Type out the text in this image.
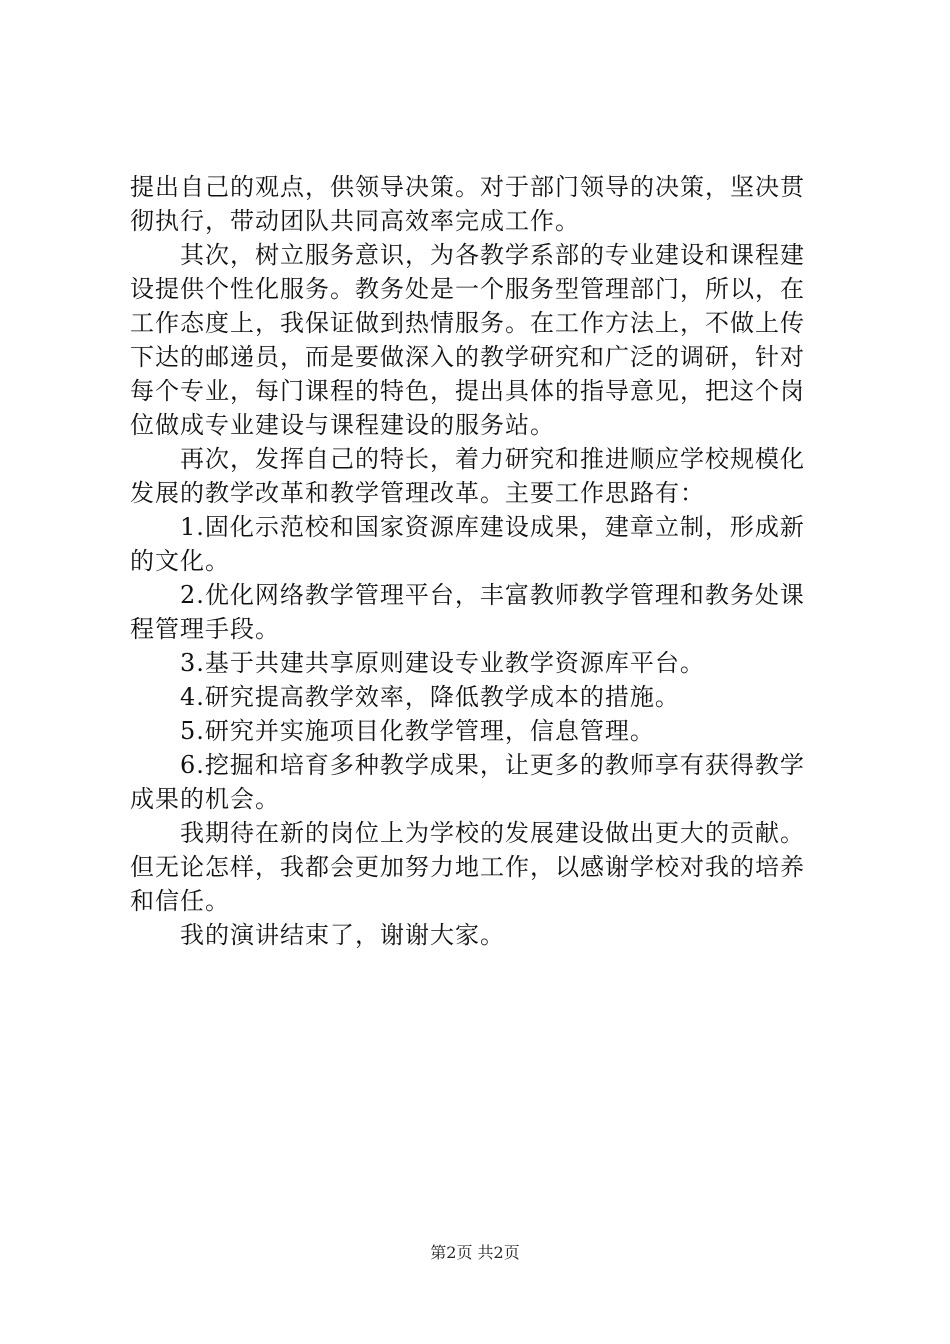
提出自己的观点，供领导决策。对于部门领导的决策，坚决贯
彻执行，带动团队共同高效率完成工作。
其次，树立服务意识，为各教学系部的专业建设和课程建
设提供个性化服务。教务处是一个服务型管理部门，所以，在
工作态度上，我保证做到热情服务。在工作方法上，不做上传
下达的邮递员，而是要做深入的教学研究和广泛的调研，针对
每个专业，每门课程的特色，提出具体的指导意见，把这个岗
位做成专业建设与课程建设的服务站。
再次，发挥自己的特长，着力研究和推进顺应学校规模化
发展的教学改革和教学管理改革。主要工作思路有：
1.固化示范校和国家资源库建设成果，建章立制，形成新
的文化。
2.优化网络教学管理平台，丰富教师教学管理和教务处课
程管理手段。
3.基于共建共享原则建设专业教学资源库平台。
4.研究提高教学效率，降低教学成本的措施。
5.研究并实施项目化教学管理，信息管理。
6.挖掘和培育多种教学成果，让更多的教师享有获得教学
成果的机会。
我期待在新的岗位上为学校的发展建设做出更大的贡献。
但无论怎样，我都会更加努力地工作，以感谢学校对我的培养
和信任。
我的演讲结束了，谢谢大家。
第2页 共2页
